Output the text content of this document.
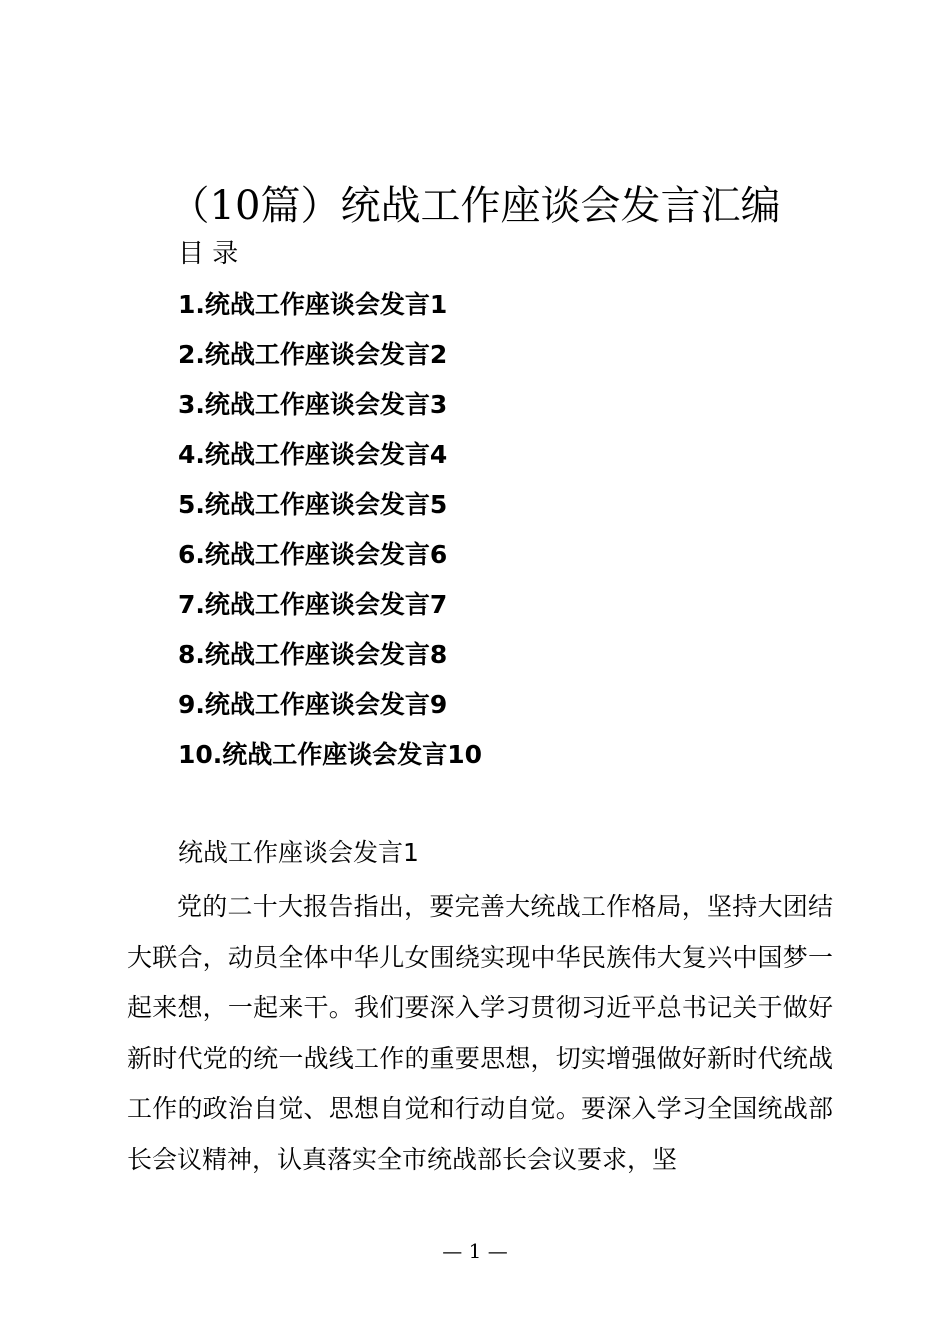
（10篇）统战工作座谈会发言汇编
目 录
1.统战工作座谈会发言1
2.统战工作座谈会发言2
3.统战工作座谈会发言3
4.统战工作座谈会发言4
5.统战工作座谈会发言5
6.统战工作座谈会发言6
7.统战工作座谈会发言7
8.统战工作座谈会发言8
9.统战工作座谈会发言9
10.统战工作座谈会发言10
统战工作座谈会发言1

党的二十大报告指出，要完善大统战工作格局，坚持大团结大联合，动员全体中华儿女围绕实现中华民族伟大复兴中国梦一起来想，一起来干。我们要深入学习贯彻习近平总书记关于做好新时代党的统一战线工作的重要思想，切实增强做好新时代统战工作的政治自觉、思想自觉和行动自觉。要深入学习全国统战部长会议精神，认真落实全市统战部长会议要求，坚

— 1 —
